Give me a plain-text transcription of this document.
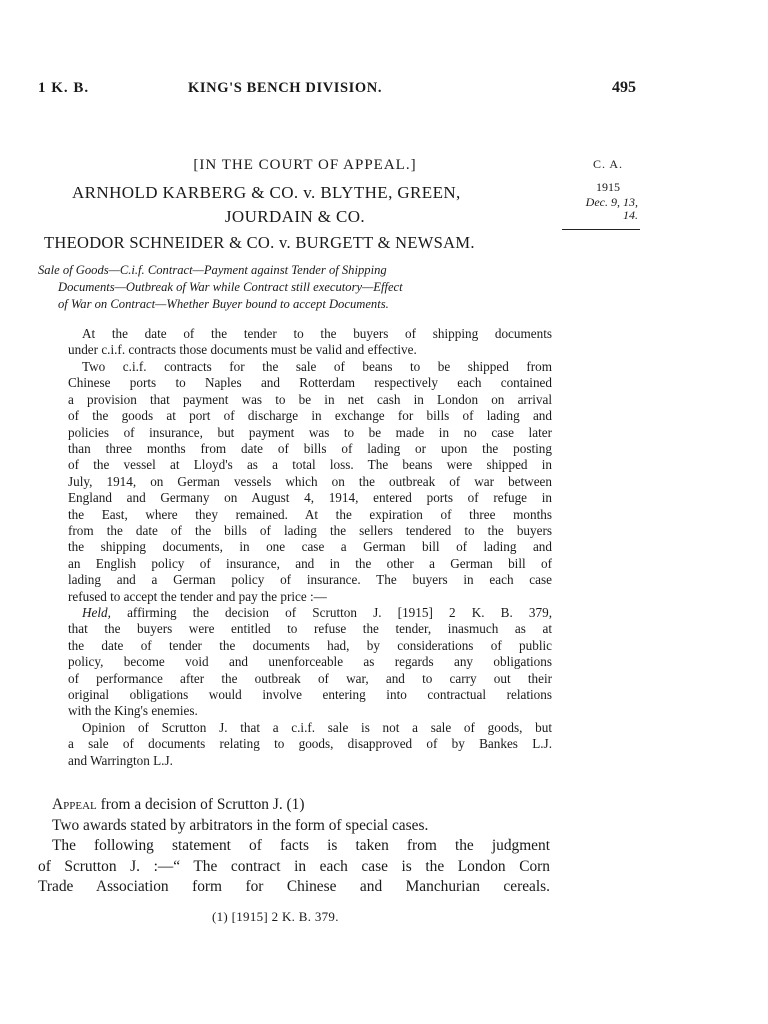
1 K. B.	KING'S BENCH DIVISION.	495
C. A.
1915
Dec. 9, 13,
14.
[IN THE COURT OF APPEAL.]
ARNHOLD KARBERG & CO. v. BLYTHE, GREEN,
JOURDAIN & CO.
THEODOR SCHNEIDER & CO. v. BURGETT & NEWSAM.
Sale of Goods—C.i.f. Contract—Payment against Tender of Shipping
Documents—Outbreak of War while Contract still executory—Effect
of War on Contract—Whether Buyer bound to accept Documents.
At the date of the tender to the buyers of shipping documents
under c.i.f. contracts those documents must be valid and effective.
Two c.i.f. contracts for the sale of beans to be shipped from
Chinese ports to Naples and Rotterdam respectively each contained
a provision that payment was to be in net cash in London on arrival
of the goods at port of discharge in exchange for bills of lading and
policies of insurance, but payment was to be made in no case later
than three months from date of bills of lading or upon the posting
of the vessel at Lloyd's as a total loss. The beans were shipped in
July, 1914, on German vessels which on the outbreak of war between
England and Germany on August 4, 1914, entered ports of refuge in
the East, where they remained. At the expiration of three months
from the date of the bills of lading the sellers tendered to the buyers
the shipping documents, in one case a German bill of lading and
an English policy of insurance, and in the other a German bill of
lading and a German policy of insurance. The buyers in each case
refused to accept the tender and pay the price :—
Held, affirming the decision of Scrutton J. [1915] 2 K. B. 379,
that the buyers were entitled to refuse the tender, inasmuch as at
the date of tender the documents had, by considerations of public
policy, become void and unenforceable as regards any obligations
of performance after the outbreak of war, and to carry out their
original obligations would involve entering into contractual relations
with the King's enemies.
Opinion of Scrutton J. that a c.i.f. sale is not a sale of goods, but
a sale of documents relating to goods, disapproved of by Bankes L.J.
and Warrington L.J.
Appeal from a decision of Scrutton J. (1)
Two awards stated by arbitrators in the form of special cases.
The following statement of facts is taken from the judgment
of Scrutton J. :—“ The contract in each case is the London Corn
Trade Association form for Chinese and Manchurian cereals.
(1) [1915] 2 K. B. 379.
